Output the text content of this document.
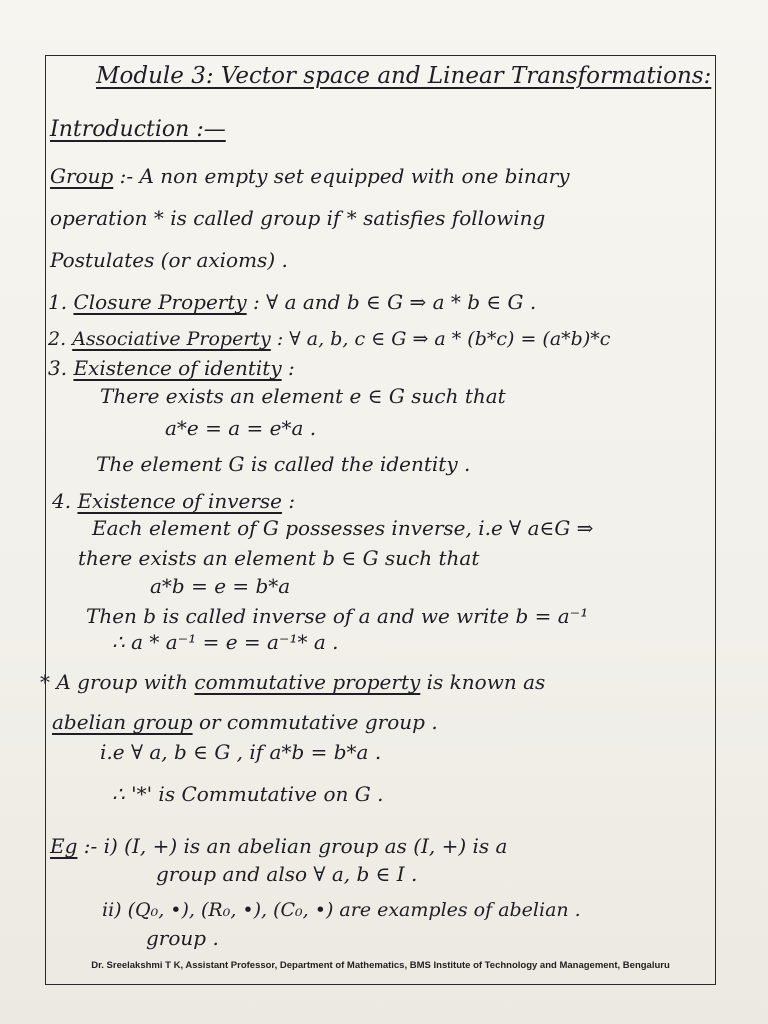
Module 3: Vector space and Linear Transformations:
Introduction :—
Group :- A non empty set equipped with one binary
operation * is called group if * satisfies following
Postulates (or axioms) .
1. Closure Property : ∀ a and b ∈ G ⇒ a * b ∈ G .
2. Associative Property : ∀ a, b, c ∈ G ⇒ a * (b*c) = (a*b)*c
3. Existence of identity :
There exists an element e ∈ G such that
a*e = a = e*a .
The element G is called the identity .
4. Existence of inverse :
Each element of G possesses inverse, i.e ∀ a∈G ⇒
there exists an element b ∈ G such that
a*b = e = b*a
Then b is called inverse of a and we write b = a⁻¹
∴ a * a⁻¹ = e = a⁻¹* a .
* A group with commutative property is known as
abelian group or commutative group .
i.e ∀ a, b ∈ G , if a*b = b*a .
∴ '*' is Commutative on G .
Eg :- i) (I, +) is an abelian group as (I, +) is a
group and also ∀ a, b ∈ I .
ii) (Q₀, •), (R₀, •), (C₀, •) are examples of abelian .
group .
Dr. Sreelakshmi T K, Assistant Professor, Department of Mathematics, BMS Institute of Technology and Management, Bengaluru
